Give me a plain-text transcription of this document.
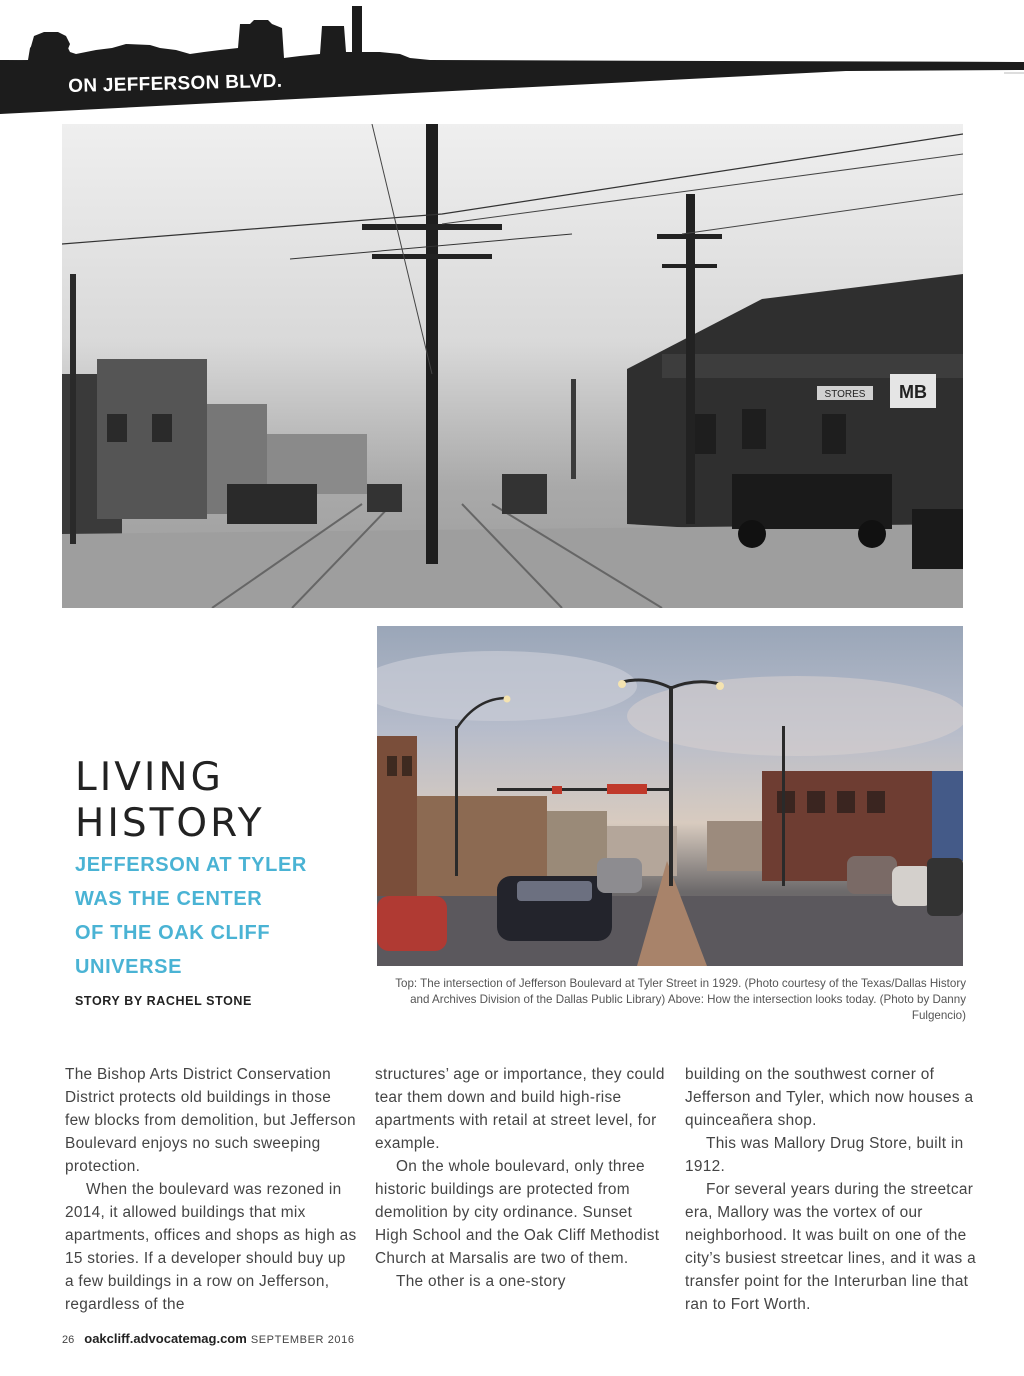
ON JEFFERSON BLVD.
MB
STORES
LIVING
HISTORY
JEFFERSON AT TYLER
WAS THE CENTER
OF THE OAK CLIFF
UNIVERSE
STORY BY RACHEL STONE
Top: The intersection of Jefferson Boulevard at Tyler Street in 1929. (Photo courtesy of the Texas/Dallas History and Archives Division of the Dallas Public Library) Above: How the intersection looks today. (Photo by Danny Fulgencio)

The Bishop Arts District Conservation District protects old buildings in those few blocks from demolition, but Jefferson Boulevard enjoys no such sweeping protection.

When the boulevard was rezoned in 2014, it allowed buildings that mix apartments, offices and shops as high as 15 stories. If a developer should buy up a few buildings in a row on Jefferson, regardless of the

structures’ age or importance, they could tear them down and build high-rise apartments with retail at street level, for example.

On the whole boulevard, only three historic buildings are protected from demolition by city ordinance. Sunset High School and the Oak Cliff Methodist Church at Marsalis are two of them.

The other is a one-story

building on the southwest corner of Jefferson and Tyler, which now houses a quinceañera shop.

This was Mallory Drug Store, built in 1912.

For several years during the streetcar era, Mallory was the vortex of our neighborhood. It was built on one of the city’s busiest streetcar lines, and it was a transfer point for the Interurban line that ran to Fort Worth.

26 oakcliff.advocatemag.com SEPTEMBER 2016
